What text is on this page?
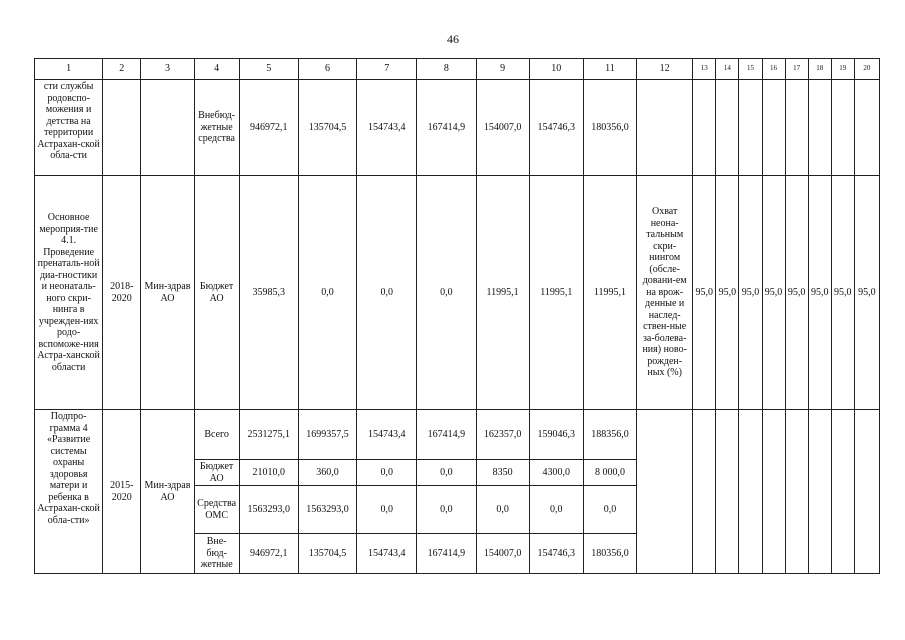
46
1	2	3	4	5	6	7	8	9	10	11	12	13	14	15	16	17	18	19	20
сти службы родовспо-можения и детства на территории Астрахан-ской обла-сти			Внебюд-жетные средства	946972,1	135704,5	154743,4	167414,9	154007,0	154746,3	180356,0									
Основное мероприя-тие 4.1. Проведение пренаталь-ной диа-гностики и неонаталь-ного скри-нинга в учрежден-иях родо-вспоможе-ния Астра-ханской области	2018-2020	Мин-здрав АО	Бюджет АО	35985,3	0,0	0,0	0,0	11995,1	11995,1	11995,1	Охват неона-тальным скри-нингом (обсле-довани-ем на врож-денные и наслед-ствен-ные за-болева-ния) ново-рожден-ных (%)	95,0	95,0	95,0	95,0	95,0	95,0	95,0	95,0
Подпро-грамма 4 «Развитие системы охраны здоровья матери и ребенка в Астрахан-ской обла-сти»	2015-2020	Мин-здрав АО	Всего	2531275,1	1699357,5	154743,4	167414,9	162357,0	159046,3	188356,0									
			Бюджет АО	21010,0	360,0	0,0	0,0	8350	4300,0	8 000,0									
			Средства ОМС	1563293,0	1563293,0	0,0	0,0	0,0	0,0	0,0									
			Вне-бюд-жетные	946972,1	135704,5	154743,4	167414,9	154007,0	154746,3	180356,0									
